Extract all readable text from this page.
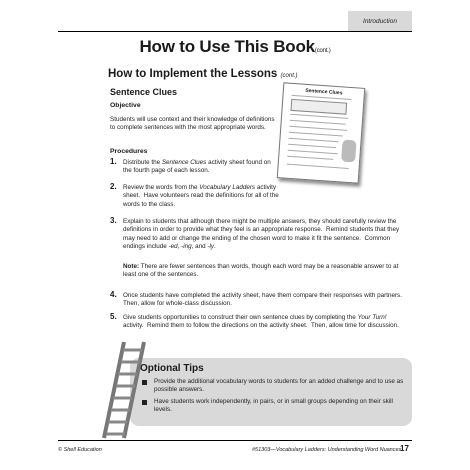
Introduction
How to Use This Book(cont.)
How to Implement the Lessons (cont.)
Sentence Clues
Objective
Students will use context and their knowledge of definitions to complete sentences with the most appropriate words.
Procedures
Sentence Clues
1. Distribute the Sentence Clues activity sheet found on the fourth page of each lesson.
2. Review the words from the Vocabulary Ladders activity sheet.  Have volunteers read the definitions for all of the words to the class.
3. Explain to students that although there might be multiple answers, they should carefully review the definitions in order to provide what they feel is an appropriate response.  Remind students that they may need to add or change the ending of the chosen word to make it fit the sentence.  Common endings include -ed, -ing, and -ly.
Note: There are fewer sentences than words, though each word may be a reasonable answer to at least one of the sentences.
4. Once students have completed the activity sheet, have them compare their responses with partners. Then, allow for whole-class discussion.
5. Give students opportunities to construct their own sentence clues by completing the Your Turn! activity.  Remind them to follow the directions on the activity sheet.  Then, allow time for discussion.
Optional Tips
Provide the additional vocabulary words to students for an added challenge and to use as possible answers.
Have students work independently, in pairs, or in small groups depending on their skill levels.
© Shell Education	#51303—Vocabulary Ladders: Understanding Word Nuances
17
